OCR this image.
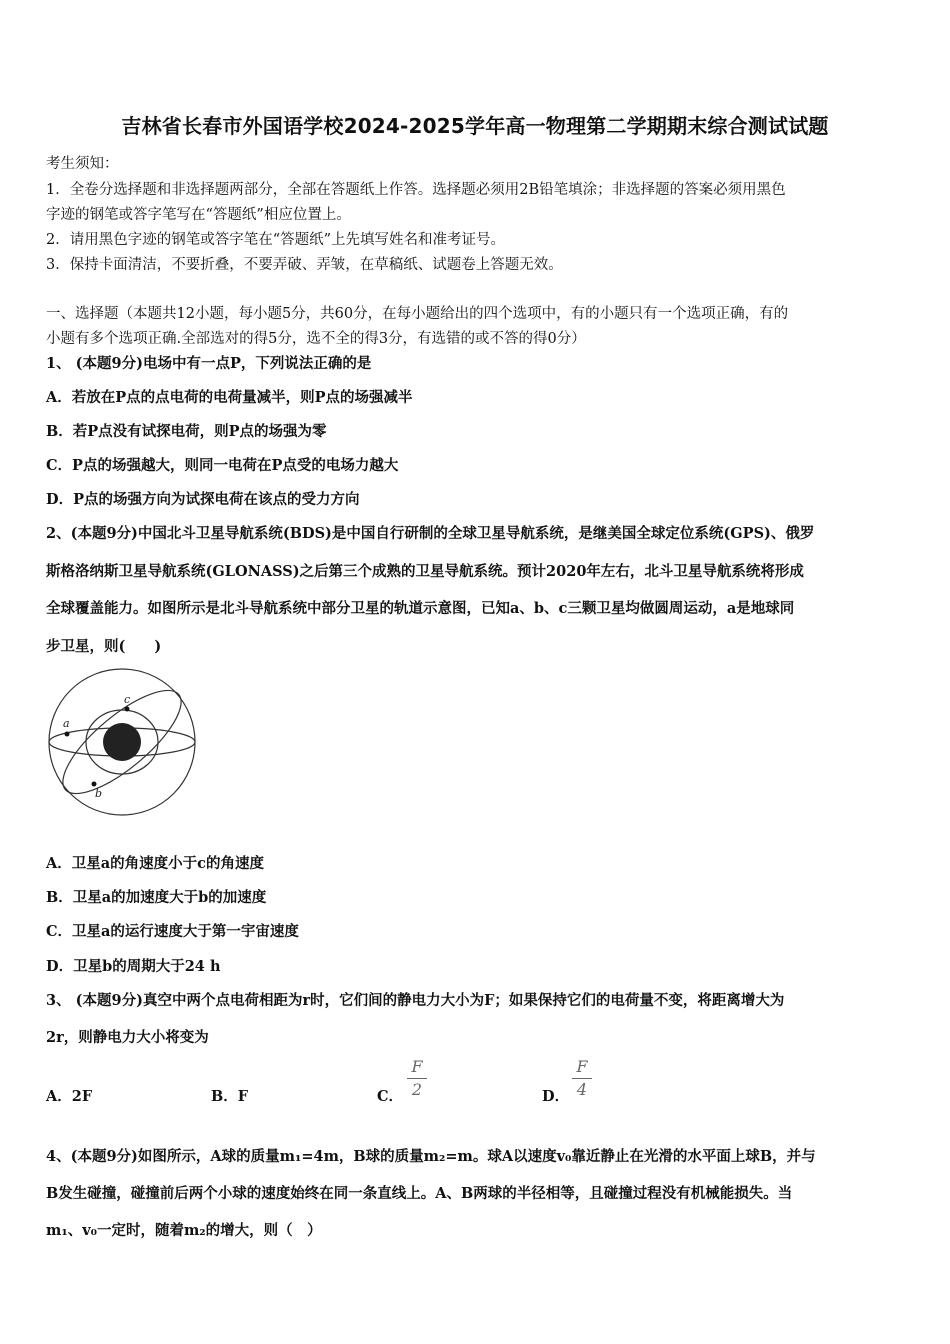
吉林省长春市外国语学校2024-2025学年高一物理第二学期期末综合测试试题
考生须知：
1．全卷分选择题和非选择题两部分，全部在答题纸上作答。选择题必须用2B铅笔填涂；非选择题的答案必须用黑色
字迹的钢笔或答字笔写在“答题纸”相应位置上。
2．请用黑色字迹的钢笔或答字笔在“答题纸”上先填写姓名和准考证号。
3．保持卡面清洁，不要折叠，不要弄破、弄皱，在草稿纸、试题卷上答题无效。
一、选择题（本题共12小题，每小题5分，共60分，在每小题给出的四个选项中，有的小题只有一个选项正确，有的
小题有多个选项正确.全部选对的得5分，选不全的得3分，有选错的或不答的得0分）
1、 (本题9分)电场中有一点P，下列说法正确的是
A．若放在P点的点电荷的电荷量减半，则P点的场强减半
B．若P点没有试探电荷，则P点的场强为零
C．P点的场强越大，则同一电荷在P点受的电场力越大
D．P点的场强方向为试探电荷在该点的受力方向
2、(本题9分)中国北斗卫星导航系统(BDS)是中国自行研制的全球卫星导航系统，是继美国全球定位系统(GPS)、俄罗
斯格洛纳斯卫星导航系统(GLONASS)之后第三个成熟的卫星导航系统。预计2020年左右，北斗卫星导航系统将形成
全球覆盖能力。如图所示是北斗导航系统中部分卫星的轨道示意图，已知a、b、c三颗卫星均做圆周运动，a是地球同
步卫星，则(　　)
a
c
b
A．卫星a的角速度小于c的角速度
B．卫星a的加速度大于b的加速度
C．卫星a的运行速度大于第一宇宙速度
D．卫星b的周期大于24 h
3、 (本题9分)真空中两个点电荷相距为r时，它们间的静电力大小为F；如果保持它们的电荷量不变，将距离增大为
2r，则静电力大小将变为
A．2F	B．F	C．
F
2	D．
F
4
4、(本题9分)如图所示，A球的质量m₁=4m，B球的质量m₂=m。球A以速度v₀靠近静止在光滑的水平面上球B，并与
B发生碰撞，碰撞前后两个小球的速度始终在同一条直线上。A、B两球的半径相等，且碰撞过程没有机械能损失。当
m₁、v₀一定时，随着m₂的增大，则（　）
